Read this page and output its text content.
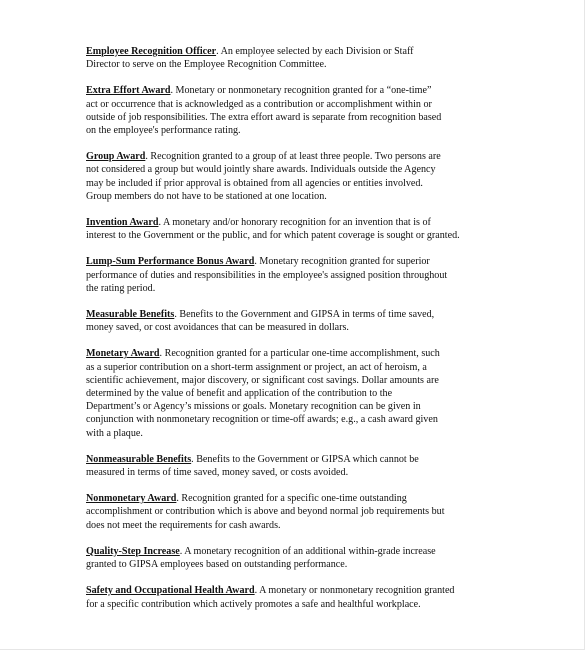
Employee Recognition Officer. An employee selected by each Division or Staff
Director to serve on the Employee Recognition Committee.

Extra Effort Award. Monetary or nonmonetary recognition granted for a “one-time”
act or occurrence that is acknowledged as a contribution or accomplishment within or
outside of job responsibilities. The extra effort award is separate from recognition based
on the employee's performance rating.

Group Award. Recognition granted to a group of at least three people. Two persons are
not considered a group but would jointly share awards. Individuals outside the Agency
may be included if prior approval is obtained from all agencies or entities involved.
Group members do not have to be stationed at one location.

Invention Award. A monetary and/or honorary recognition for an invention that is of
interest to the Government or the public, and for which patent coverage is sought or granted.

Lump-Sum Performance Bonus Award. Monetary recognition granted for superior
performance of duties and responsibilities in the employee's assigned position throughout
the rating period.

Measurable Benefits. Benefits to the Government and GIPSA in terms of time saved,
money saved, or cost avoidances that can be measured in dollars.

Monetary Award. Recognition granted for a particular one-time accomplishment, such
as a superior contribution on a short-term assignment or project, an act of heroism, a
scientific achievement, major discovery, or significant cost savings. Dollar amounts are
determined by the value of benefit and application of the contribution to the
Department’s or Agency’s missions or goals. Monetary recognition can be given in
conjunction with nonmonetary recognition or time-off awards; e.g., a cash award given
with a plaque.

Nonmeasurable Benefits. Benefits to the Government or GIPSA which cannot be
measured in terms of time saved, money saved, or costs avoided.

Nonmonetary Award. Recognition granted for a specific one-time outstanding
accomplishment or contribution which is above and beyond normal job requirements but
does not meet the requirements for cash awards.

Quality-Step Increase. A monetary recognition of an additional within-grade increase
granted to GIPSA employees based on outstanding performance.

Safety and Occupational Health Award. A monetary or nonmonetary recognition granted
for a specific contribution which actively promotes a safe and healthful workplace.
